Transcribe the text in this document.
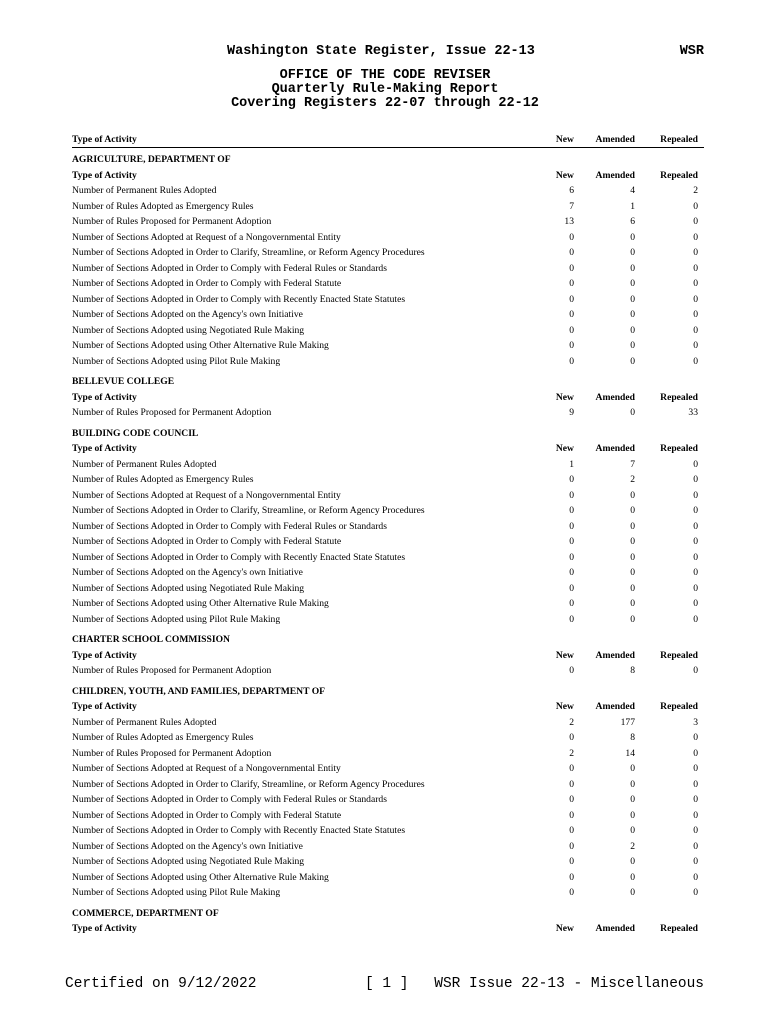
Washington State Register, Issue 22-13	WSR
OFFICE OF THE CODE REVISER
Quarterly Rule-Making Report
Covering Registers 22-07 through 22-12
Type of Activity	New Amended	Repealed
AGRICULTURE, DEPARTMENT OF
Type of Activity	New Amended	Repealed
Number of Permanent Rules Adopted	6	4	2
Number of Rules Adopted as Emergency Rules	7	1	0
Number of Rules Proposed for Permanent Adoption	13	6	0
Number of Sections Adopted at Request of a Nongovernmental Entity	0	0	0
Number of Sections Adopted in Order to Clarify, Streamline, or Reform Agency Procedures	0	0	0
Number of Sections Adopted in Order to Comply with Federal Rules or Standards	0	0	0
Number of Sections Adopted in Order to Comply with Federal Statute	0	0	0
Number of Sections Adopted in Order to Comply with Recently Enacted State Statutes	0	0	0
Number of Sections Adopted on the Agency's own Initiative	0	0	0
Number of Sections Adopted using Negotiated Rule Making	0	0	0
Number of Sections Adopted using Other Alternative Rule Making	0	0	0
Number of Sections Adopted using Pilot Rule Making	0	0	0
BELLEVUE COLLEGE
Type of Activity	New Amended	Repealed
Number of Rules Proposed for Permanent Adoption	9	0	33
BUILDING CODE COUNCIL
Type of Activity	New Amended	Repealed
Number of Permanent Rules Adopted	1	7	0
Number of Rules Adopted as Emergency Rules	0	2	0
Number of Sections Adopted at Request of a Nongovernmental Entity	0	0	0
Number of Sections Adopted in Order to Clarify, Streamline, or Reform Agency Procedures	0	0	0
Number of Sections Adopted in Order to Comply with Federal Rules or Standards	0	0	0
Number of Sections Adopted in Order to Comply with Federal Statute	0	0	0
Number of Sections Adopted in Order to Comply with Recently Enacted State Statutes	0	0	0
Number of Sections Adopted on the Agency's own Initiative	0	0	0
Number of Sections Adopted using Negotiated Rule Making	0	0	0
Number of Sections Adopted using Other Alternative Rule Making	0	0	0
Number of Sections Adopted using Pilot Rule Making	0	0	0
CHARTER SCHOOL COMMISSION
Type of Activity	New Amended	Repealed
Number of Rules Proposed for Permanent Adoption	0	8	0
CHILDREN, YOUTH, AND FAMILIES, DEPARTMENT OF
Type of Activity	New Amended	Repealed
Number of Permanent Rules Adopted	2	177	3
Number of Rules Adopted as Emergency Rules	0	8	0
Number of Rules Proposed for Permanent Adoption	2	14	0
Number of Sections Adopted at Request of a Nongovernmental Entity	0	0	0
Number of Sections Adopted in Order to Clarify, Streamline, or Reform Agency Procedures	0	0	0
Number of Sections Adopted in Order to Comply with Federal Rules or Standards	0	0	0
Number of Sections Adopted in Order to Comply with Federal Statute	0	0	0
Number of Sections Adopted in Order to Comply with Recently Enacted State Statutes	0	0	0
Number of Sections Adopted on the Agency's own Initiative	0	2	0
Number of Sections Adopted using Negotiated Rule Making	0	0	0
Number of Sections Adopted using Other Alternative Rule Making	0	0	0
Number of Sections Adopted using Pilot Rule Making	0	0	0
COMMERCE, DEPARTMENT OF
Type of Activity	New Amended	Repealed
Certified on 9/12/2022	[ 1 ] WSR Issue 22-13 - Miscellaneous
